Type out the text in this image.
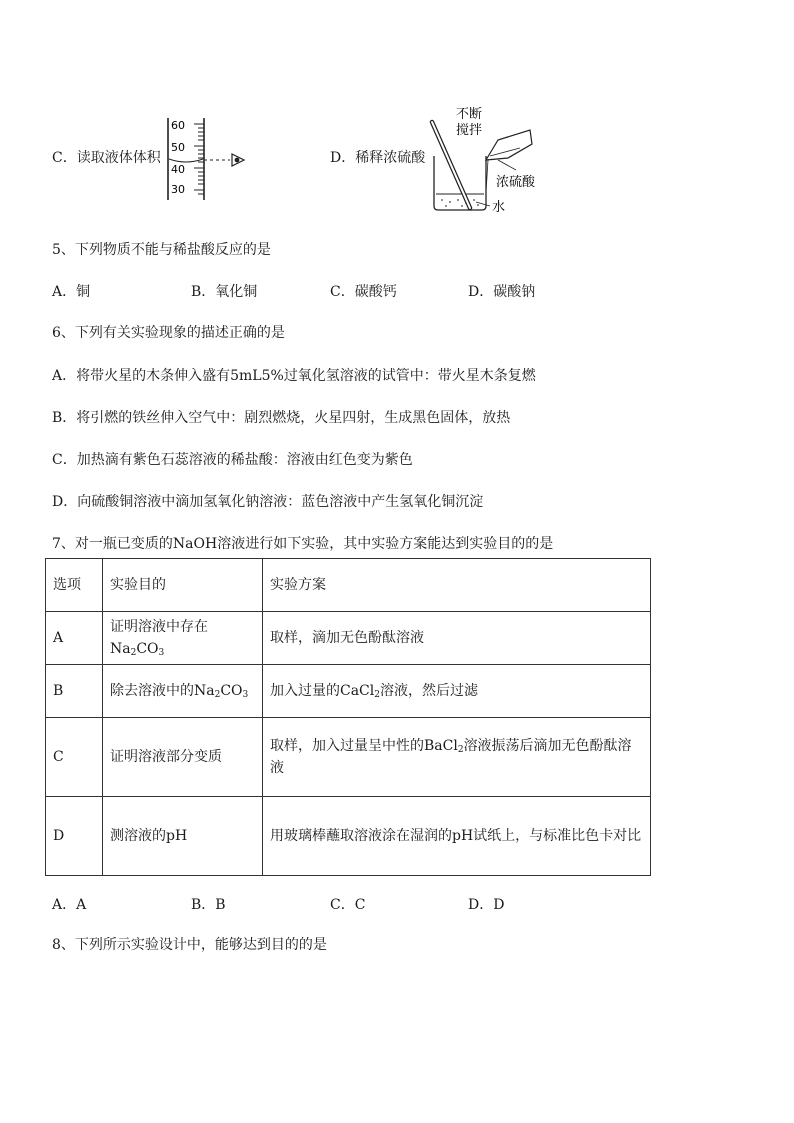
C．读取液体体积
60
50
40
30
D．稀释浓硫酸
不断
搅拌
浓硫酸
水
5、下列物质不能与稀盐酸反应的是
A．铜	B．氧化铜	C．碳酸钙	D．碳酸钠
6、下列有关实验现象的描述正确的是
A．将带火星的木条伸入盛有5mL5%过氧化氢溶液的试管中：带火星木条复燃
B．将引燃的铁丝伸入空气中：剧烈燃烧，火星四射，生成黑色固体，放热
C．加热滴有紫色石蕊溶液的稀盐酸：溶液由红色变为紫色
D．向硫酸铜溶液中滴加氢氧化钠溶液：蓝色溶液中产生氢氧化铜沉淀
7、对一瓶已变质的NaOH溶液进行如下实验，其中实验方案能达到实验目的的是
选项	实验目的	实验方案
A	证明溶液中存在$Na_2CO_3$	取样，滴加无色酚酞溶液
B	除去溶液中的$Na_2CO_3$	加入过量的CaCl$_2$溶液，然后过滤
C	证明溶液部分变质	取样，加入过量呈中性的BaCl$_2$溶液振荡后滴加无色酚酞溶液
D	测溶液的pH	用玻璃棒蘸取溶液涂在湿润的pH试纸上，与标准比色卡对比
A．A	B．B	C．C	D．D
8、下列所示实验设计中，能够达到目的的是
